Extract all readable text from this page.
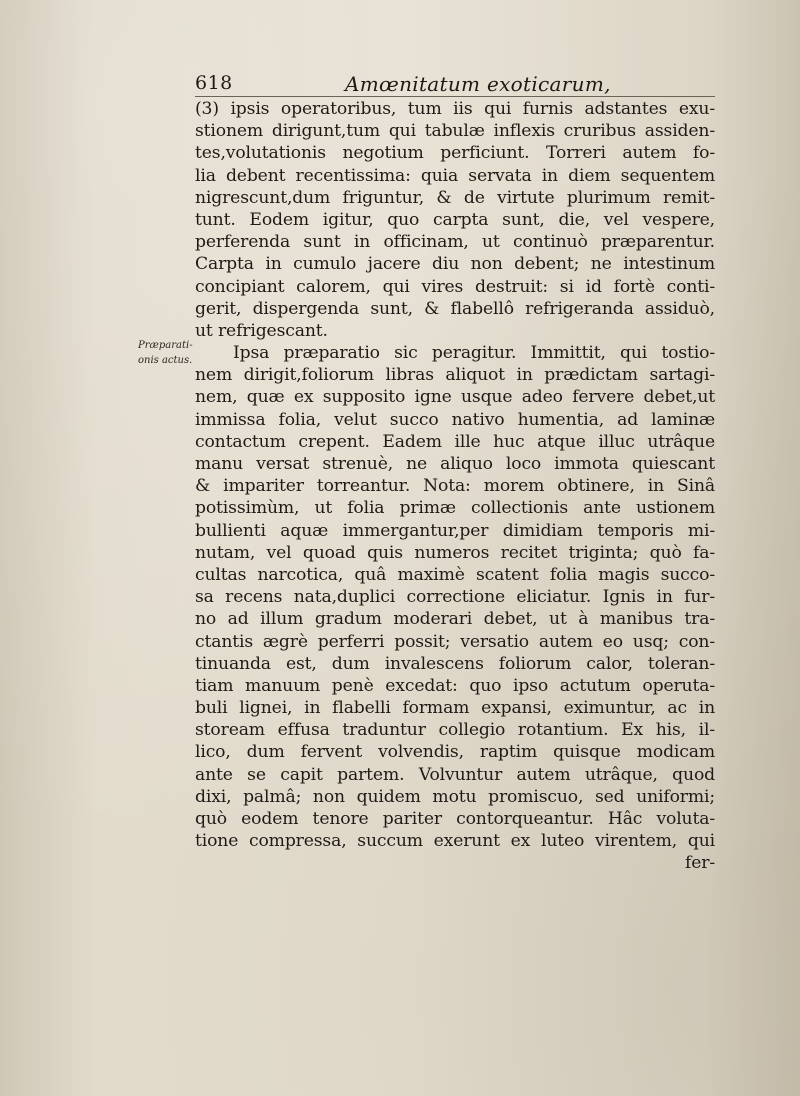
618	Amœnitatum exoticarum,
Præparati-
onis actus.
(3) ipsis operatoribus, tum iis qui furnis adstantes exu-
stionem dirigunt,tum qui tabulæ inflexis cruribus assiden-
tes,volutationis negotium perficiunt. Torreri autem fo-
lia debent recentissima: quia servata in diem sequentem
nigrescunt,dum friguntur, & de virtute plurimum remit-
tunt. Eodem igitur, quo carpta sunt, die, vel vespere,
perferenda sunt in officinam, ut continuò præparentur.
Carpta in cumulo jacere diu non debent; ne intestinum
concipiant calorem, qui vires destruit: si id fortè conti-
gerit, dispergenda sunt, & flabellô refrigeranda assiduò,
ut refrigescant.
Ipsa præparatio sic peragitur. Immittit, qui tostio-
nem dirigit,foliorum libras aliquot in prædictam sartagi-
nem, quæ ex supposito igne usque adeo fervere debet,ut
immissa folia, velut succo nativo humentia, ad laminæ
contactum crepent. Eadem ille huc atque illuc utrâque
manu versat strenuè, ne aliquo loco immota quiescant
& impariter torreantur. Nota: morem obtinere, in Sinâ
potissimùm, ut folia primæ collectionis ante ustionem
bullienti aquæ immergantur,per dimidiam temporis mi-
nutam, vel quoad quis numeros recitet triginta; quò fa-
cultas narcotica, quâ maximè scatent folia magis succo-
sa recens nata,duplici correctione eliciatur. Ignis in fur-
no ad illum gradum moderari debet, ut à manibus tra-
ctantis ægrè perferri possit; versatio autem eo usq; con-
tinuanda est, dum invalescens foliorum calor, toleran-
tiam manuum penè excedat: quo ipso actutum operuta-
buli lignei, in flabelli formam expansi, eximuntur, ac in
stoream effusa traduntur collegio rotantium. Ex his, il-
lico, dum fervent volvendis, raptim quisque modicam
ante se capit partem. Volvuntur autem utrâque, quod
dixi, palmâ; non quidem motu promiscuo, sed uniformi;
quò eodem tenore pariter contorqueantur. Hâc voluta-
tione compressa, succum exerunt ex luteo virentem, qui
fer-
